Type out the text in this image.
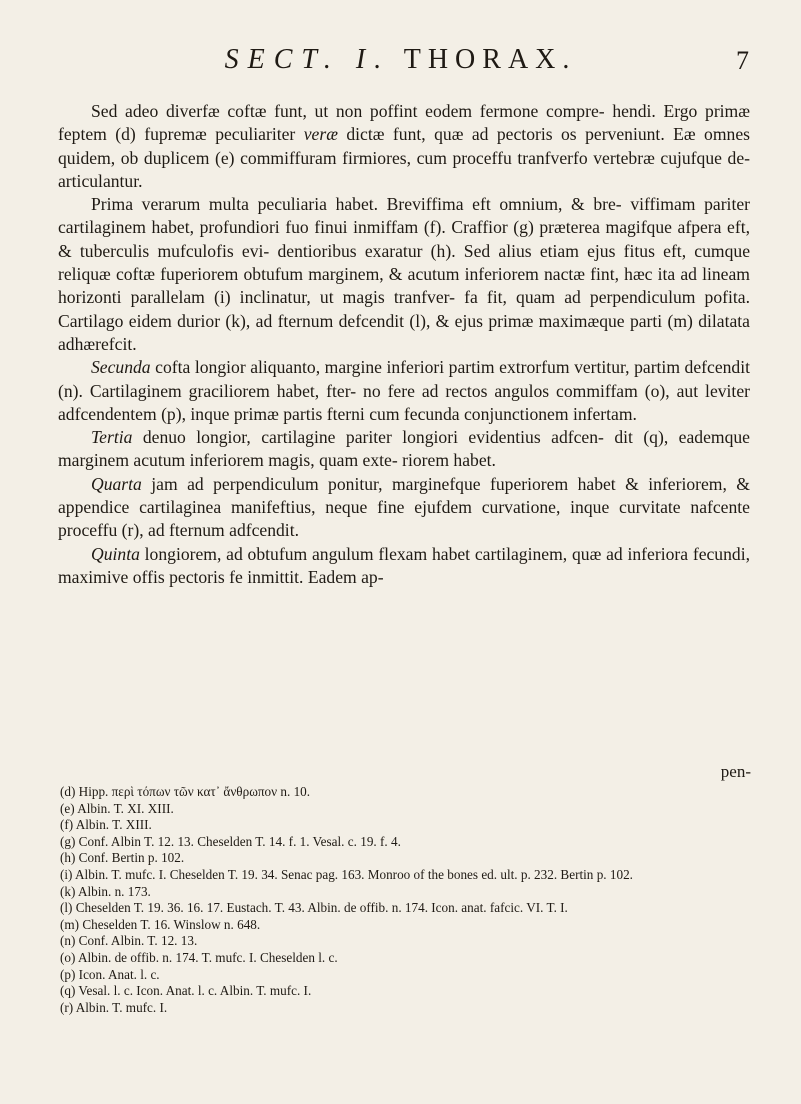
SECT. I. THORAX.	7

Sed adeo diverfæ coftæ funt, ut non poffint eodem fermone compre- hendi. Ergo primæ feptem (d) fupremæ peculiariter veræ dictæ funt, quæ ad pectoris os perveniunt. Eæ omnes quidem, ob duplicem (e) commiffuram firmiores, cum proceffu tranfverfo vertebræ cujufque de- articulantur.

Prima verarum multa peculiaria habet. Breviffima eft omnium, & bre- viffimam pariter cartilaginem habet, profundiori fuo finui inmiffam (f). Craffior (g) præterea magifque afpera eft, & tuberculis mufculofis evi- dentioribus exaratur (h). Sed alius etiam ejus fitus eft, cumque reliquæ coftæ fuperiorem obtufum marginem, & acutum inferiorem nactæ fint, hæc ita ad lineam horizonti parallelam (i) inclinatur, ut magis tranfver- fa fit, quam ad perpendiculum pofita. Cartilago eidem durior (k), ad fternum defcendit (l), & ejus primæ maximæque parti (m) dilatata adhærefcit.

Secunda cofta longior aliquanto, margine inferiori partim extrorfum vertitur, partim defcendit (n). Cartilaginem graciliorem habet, fter- no fere ad rectos angulos commiffam (o), aut leviter adfcendentem (p), inque primæ partis fterni cum fecunda conjunctionem infertam.

Tertia denuo longior, cartilagine pariter longiori evidentius adfcen- dit (q), eademque marginem acutum inferiorem magis, quam exte- riorem habet.

Quarta jam ad perpendiculum ponitur, marginefque fuperiorem habet & inferiorem, & appendice cartilaginea manifeftius, neque fine ejufdem curvatione, inque curvitate nafcente proceffu (r), ad fternum adfcendit.

Quinta longiorem, ad obtufum angulum flexam habet cartilaginem, quæ ad inferiora fecundi, maximive offis pectoris fe inmittit. Eadem ap-

pen-
(d) Hipp. περὶ τόπων τῶν κατ᾽ ἄνθρωπον n. 10.
(e) Albin. T. XI. XIII.
(f) Albin. T. XIII.
(g) Conf. Albin T. 12. 13. Cheselden T. 14. f. 1. Vesal. c. 19. f. 4.
(h) Conf. Bertin p. 102.
(i) Albin. T. mufc. I. Cheselden T. 19. 34. Senac pag. 163. Monroo of the bones ed. ult. p. 232. Bertin p. 102.
(k) Albin. n. 173.
(l) Cheselden T. 19. 36. 16. 17. Eustach. T. 43. Albin. de offib. n. 174. Icon. anat. fafcic. VI. T. I.
(m) Cheselden T. 16. Winslow n. 648.
(n) Conf. Albin. T. 12. 13.
(o) Albin. de offib. n. 174. T. mufc. I. Cheselden l. c.
(p) Icon. Anat. l. c.
(q) Vesal. l. c. Icon. Anat. l. c. Albin. T. mufc. I.
(r) Albin. T. mufc. I.
